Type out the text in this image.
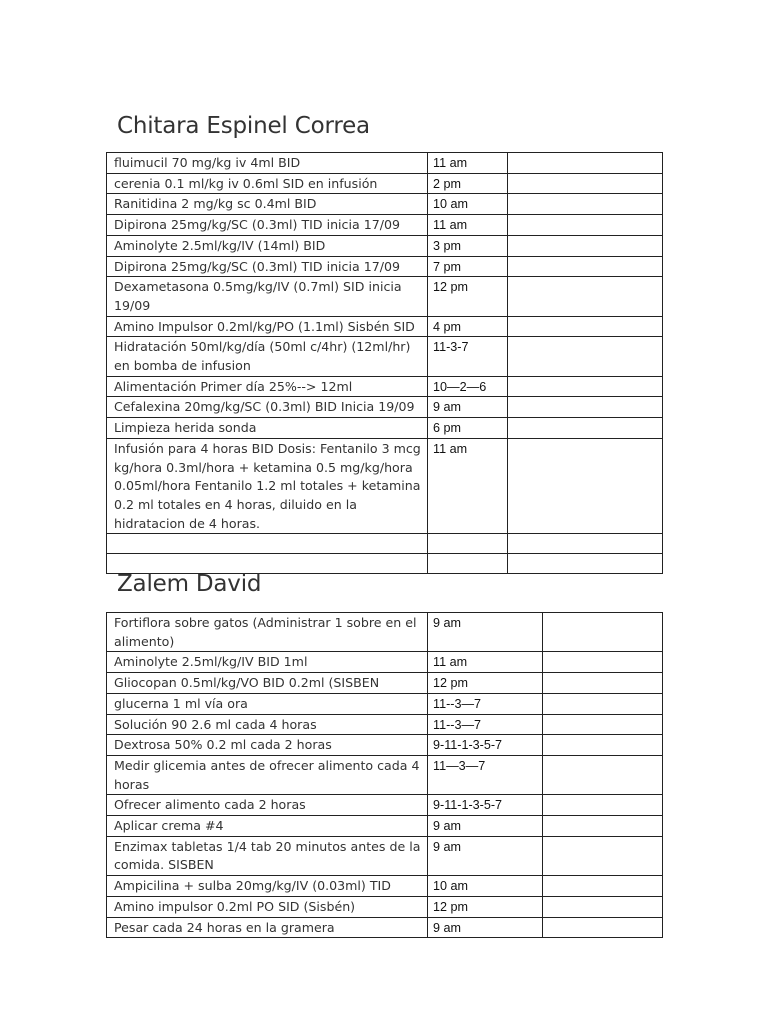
Chitara Espinel Correa
fluimucil 70 mg/kg iv 4ml BID	11 am	
cerenia 0.1 ml/kg iv 0.6ml SID en infusión	2 pm	
Ranitidina 2 mg/kg sc 0.4ml BID	10 am	
Dipirona 25mg/kg/SC (0.3ml) TID inicia 17/09	11 am	
Aminolyte 2.5ml/kg/IV (14ml) BID	3 pm	
Dipirona 25mg/kg/SC (0.3ml) TID inicia 17/09	7 pm	
Dexametasona 0.5mg/kg/IV (0.7ml) SID inicia 19/09	12 pm	
Amino Impulsor 0.2ml/kg/PO (1.1ml) Sisbén SID	4 pm	
Hidratación 50ml/kg/día (50ml c/4hr) (12ml/hr) en bomba de infusion	11-3-7	
Alimentación Primer día 25%--> 12ml	10—2—6	
Cefalexina 20mg/kg/SC (0.3ml) BID Inicia 19/09	9 am	
Limpieza herida sonda	6 pm	
Infusión para 4 horas BID Dosis: Fentanilo 3 mcg kg/hora 0.3ml/hora + ketamina 0.5 mg/kg/hora 0.05ml/hora Fentanilo 1.2 ml totales + ketamina 0.2 ml totales en 4 horas, diluido en la hidratacion de 4 horas.	11 am	

Zalem David
Fortiflora sobre gatos (Administrar 1 sobre en el alimento)	9 am	
Aminolyte 2.5ml/kg/IV BID 1ml	11 am	
Gliocopan 0.5ml/kg/VO BID 0.2ml (SISBEN	12 pm	
glucerna 1 ml vía ora	11--3—7	
Solución 90 2.6 ml cada 4 horas	11--3—7	
Dextrosa 50% 0.2 ml cada 2 horas	9-11-1-3-5-7	
Medir glicemia antes de ofrecer alimento cada 4 horas	11—3—7	
Ofrecer alimento cada 2 horas	9-11-1-3-5-7	
Aplicar crema #4	9 am	
Enzimax tabletas 1/4 tab 20 minutos antes de la comida. SISBEN	9 am	
Ampicilina + sulba 20mg/kg/IV (0.03ml) TID	10 am	
Amino impulsor 0.2ml PO SID (Sisbén)	12 pm	
Pesar cada 24 horas en la gramera	9 am	
